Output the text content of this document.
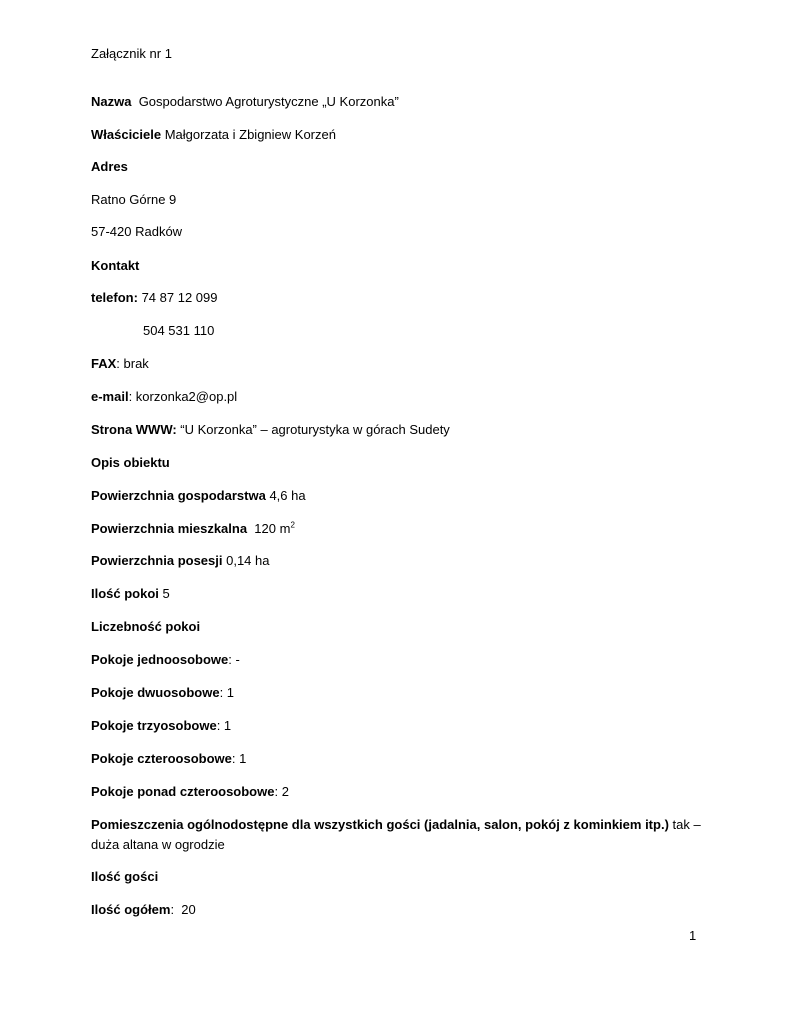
Załącznik nr 1
Nazwa  Gospodarstwo Agroturystyczne „U Korzonka”
Właściciele Małgorzata i Zbigniew Korzeń
Adres
Ratno Górne 9
57-420 Radków
Kontakt
telefon: 74 87 12 099
504 531 110
FAX: brak
e-mail: korzonka2@op.pl
Strona WWW: “U Korzonka” – agroturystyka w górach Sudety
Opis obiektu
Powierzchnia gospodarstwa 4,6 ha
Powierzchnia mieszkalna  120 $m^2$
Powierzchnia posesji 0,14 ha
Ilość pokoi 5
Liczebność pokoi
Pokoje jednoosobowe: -
Pokoje dwuosobowe: 1
Pokoje trzyosobowe: 1
Pokoje czteroosobowe: 1
Pokoje ponad czteroosobowe: 2
Pomieszczenia ogólnodostępne dla wszystkich gości (jadalnia, salon, pokój z kominkiem itp.) tak – duża altana w ogrodzie
Ilość gości
Ilość ogółem:  20
1
